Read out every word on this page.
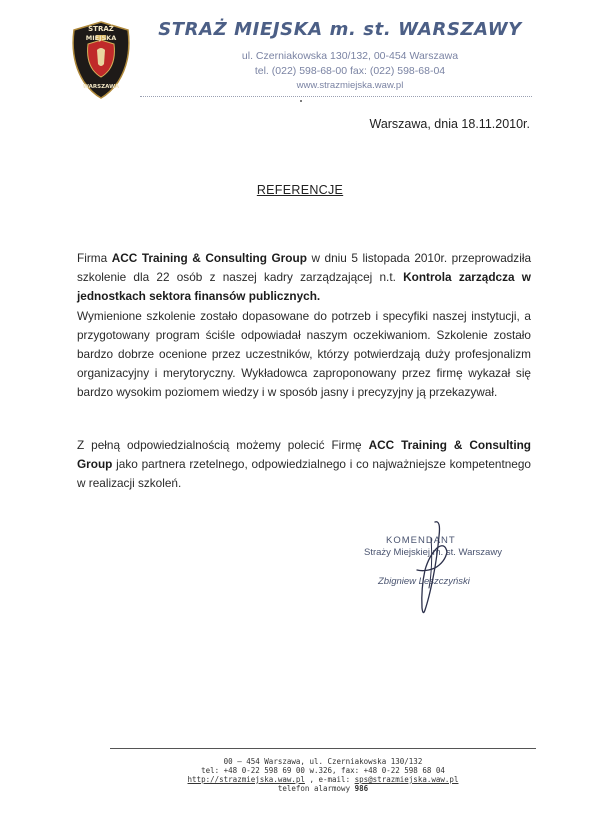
STRAŻ
MIEJSKA
WARSZAWA
STRAŻ MIEJSKA m. st. WARSZAWY
ul. Czerniakowska 130/132, 00-454 Warszawa
tel. (022) 598-68-00 fax: (022) 598-68-04
www.strazmiejska.waw.pl
Warszawa, dnia 18.11.2010r.
REFERENCJE
Firma ACC Training & Consulting Group w dniu 5 listopada 2010r. przeprowadziła szkolenie dla 22 osób z naszej kadry zarządzającej n.t. Kontrola zarządcza w jednostkach sektora finansów publicznych.
Wymienione szkolenie zostało dopasowane do potrzeb i specyfiki naszej instytucji, a przygotowany program ściśle odpowiadał naszym oczekiwaniom. Szkolenie zostało bardzo dobrze ocenione przez uczestników, którzy potwierdzają duży profesjonalizm organizacyjny i merytoryczny. Wykładowca zaproponowany przez firmę wykazał się bardzo wysokim poziomem wiedzy i w sposób jasny i precyzyjny ją przekazywał.
Z pełną odpowiedzialnością możemy polecić Firmę ACC Training & Consulting Group jako partnera rzetelnego, odpowiedzialnego i co najważniejsze kompetentnego w realizacji szkoleń.
KOMENDANT
Straży Miejskiej m. st. Warszawy
Zbigniew Leszczyński
00 – 454 Warszawa, ul. Czerniakowska 130/132
tel: +48 0-22 598 69 00 w.326, fax: +48 0-22 598 68 04
http://strazmiejska.waw.pl , e-mail: sps@strazmiejska.waw.pl
telefon alarmowy 986
